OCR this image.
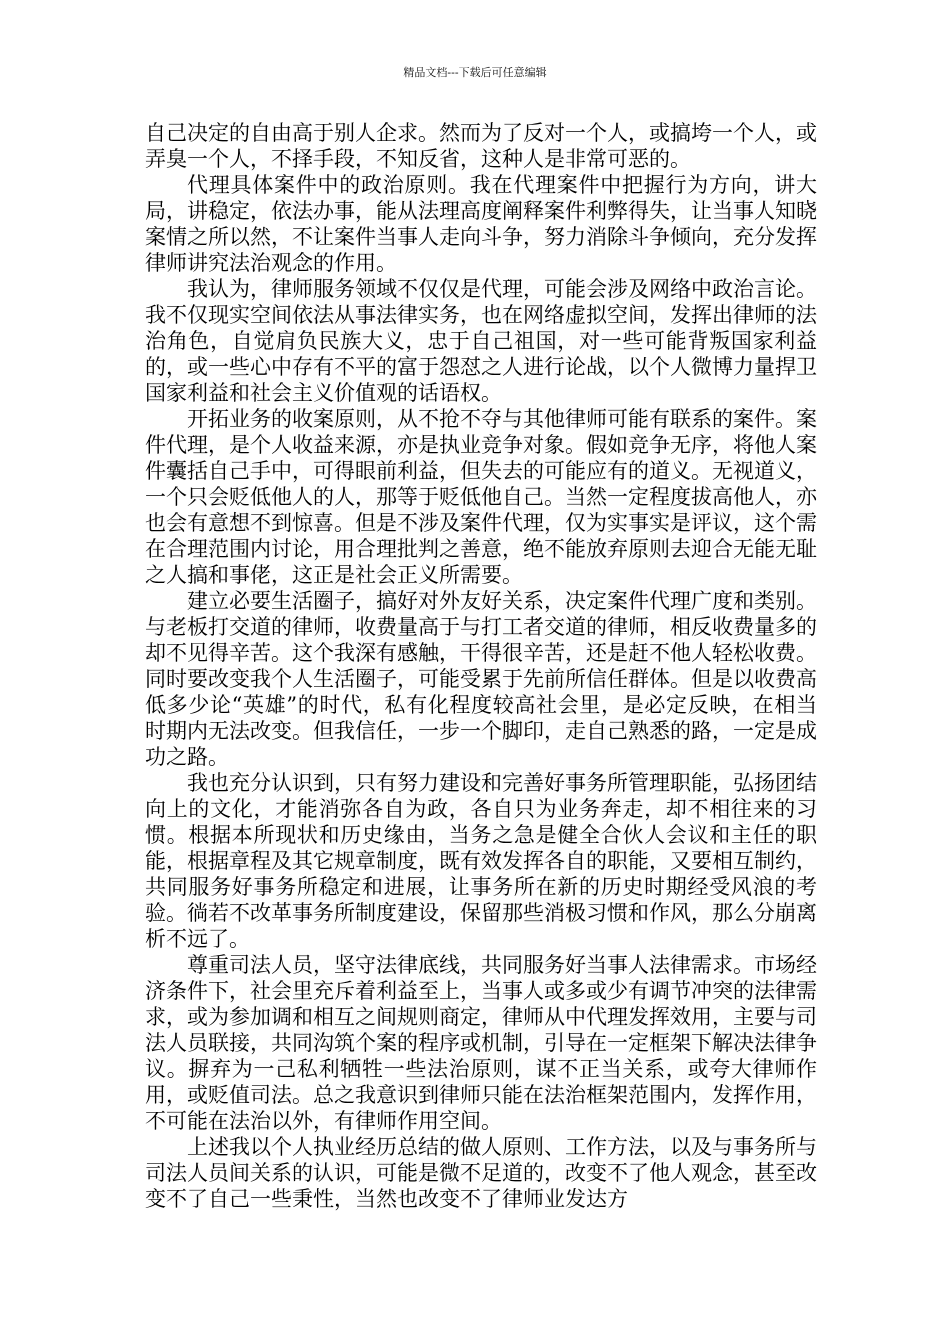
精品文档---下载后可任意编辑

自己决定的自由高于别人企求。然而为了反对一个人，或搞垮一个人，或弄臭一个人，不择手段，不知反省，这种人是非常可恶的。

代理具体案件中的政治原则。我在代理案件中把握行为方向，讲大局，讲稳定，依法办事，能从法理高度阐释案件利弊得失，让当事人知晓案情之所以然，不让案件当事人走向斗争，努力消除斗争倾向，充分发挥律师讲究法治观念的作用。

我认为，律师服务领域不仅仅是代理，可能会涉及网络中政治言论。我不仅现实空间依法从事法律实务，也在网络虚拟空间，发挥出律师的法治角色，自觉肩负民族大义，忠于自己祖国，对一些可能背叛国家利益的，或一些心中存有不平的富于怨怼之人进行论战，以个人微博力量捍卫国家利益和社会主义价值观的话语权。

开拓业务的收案原则，从不抢不夺与其他律师可能有联系的案件。案件代理，是个人收益来源，亦是执业竞争对象。假如竞争无序，将他人案件囊括自己手中，可得眼前利益，但失去的可能应有的道义。无视道义，一个只会贬低他人的人，那等于贬低他自己。当然一定程度拔高他人，亦也会有意想不到惊喜。但是不涉及案件代理，仅为实事实是评议，这个需在合理范围内讨论，用合理批判之善意，绝不能放弃原则去迎合无能无耻之人搞和事佬，这正是社会正义所需要。

建立必要生活圈子，搞好对外友好关系，决定案件代理广度和类别。与老板打交道的律师，收费量高于与打工者交道的律师，相反收费量多的却不见得辛苦。这个我深有感触，干得很辛苦，还是赶不他人轻松收费。同时要改变我个人生活圈子，可能受累于先前所信任群体。但是以收费高低多少论“英雄”的时代，私有化程度较高社会里，是必定反映，在相当时期内无法改变。但我信任，一步一个脚印，走自己熟悉的路，一定是成功之路。

我也充分认识到，只有努力建设和完善好事务所管理职能，弘扬团结向上的文化，才能消弥各自为政，各自只为业务奔走，却不相往来的习惯。根据本所现状和历史缘由，当务之急是健全合伙人会议和主任的职能，根据章程及其它规章制度，既有效发挥各自的职能，又要相互制约，共同服务好事务所稳定和进展，让事务所在新的历史时期经受风浪的考验。徜若不改革事务所制度建设，保留那些消极习惯和作风，那么分崩离析不远了。

尊重司法人员，坚守法律底线，共同服务好当事人法律需求。市场经济条件下，社会里充斥着利益至上，当事人或多或少有调节冲突的法律需求，或为参加调和相互之间规则商定，律师从中代理发挥效用，主要与司法人员联接，共同沟筑个案的程序或机制，引导在一定框架下解决法律争议。摒弃为一己私利牺牲一些法治原则，谋不正当关系，或夸大律师作用，或贬值司法。总之我意识到律师只能在法治框架范围内，发挥作用，不可能在法治以外，有律师作用空间。

上述我以个人执业经历总结的做人原则、工作方法，以及与事务所与司法人员间关系的认识，可能是微不足道的，改变不了他人观念，甚至改变不了自己一些秉性，当然也改变不了律师业发达方
